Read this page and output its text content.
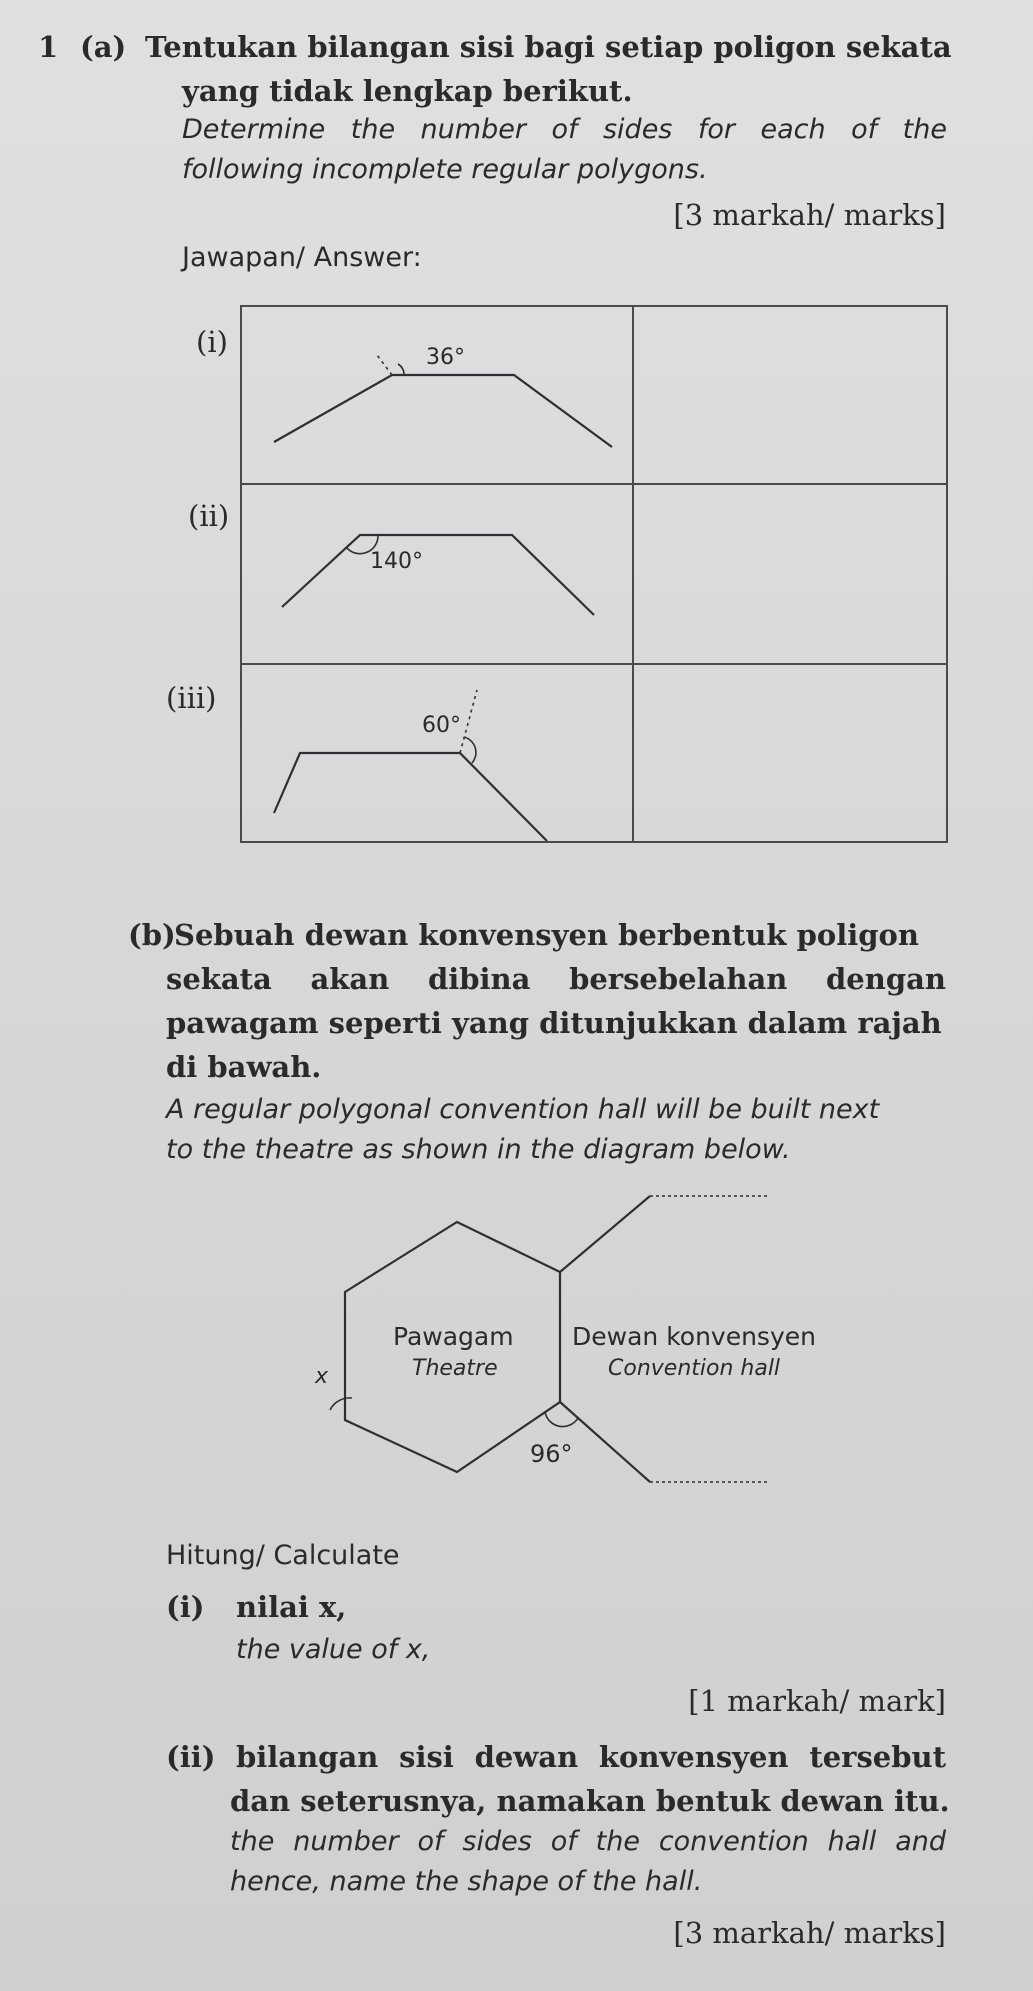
1 (a) Tentukan bilangan sisi bagi setiap poligon sekata
yang tidak lengkap berikut.
Determine the number of sides for each of the
following incomplete regular polygons.
[3 markah/ marks]
Jawapan/ Answer:
(i)	36°
(ii)
140°
(iii)
60°
(b)
Sebuah dewan konvensyen berbentuk poligon
sekata akan dibina bersebelahan dengan
pawagam seperti yang ditunjukkan dalam rajah
di bawah.
A regular polygonal convention hall will be built next
to the theatre as shown in the diagram below.
Pawagam
Theatre
Dewan konvensyen
Convention hall
x
96°
Hitung/ Calculate
(i) nilai x,
the value of x,
[1 markah/ mark]
(ii) bilangan sisi dewan konvensyen tersebut
dan seterusnya, namakan bentuk dewan itu.
the number of sides of the convention hall and
hence, name the shape of the hall.
[3 markah/ marks]
